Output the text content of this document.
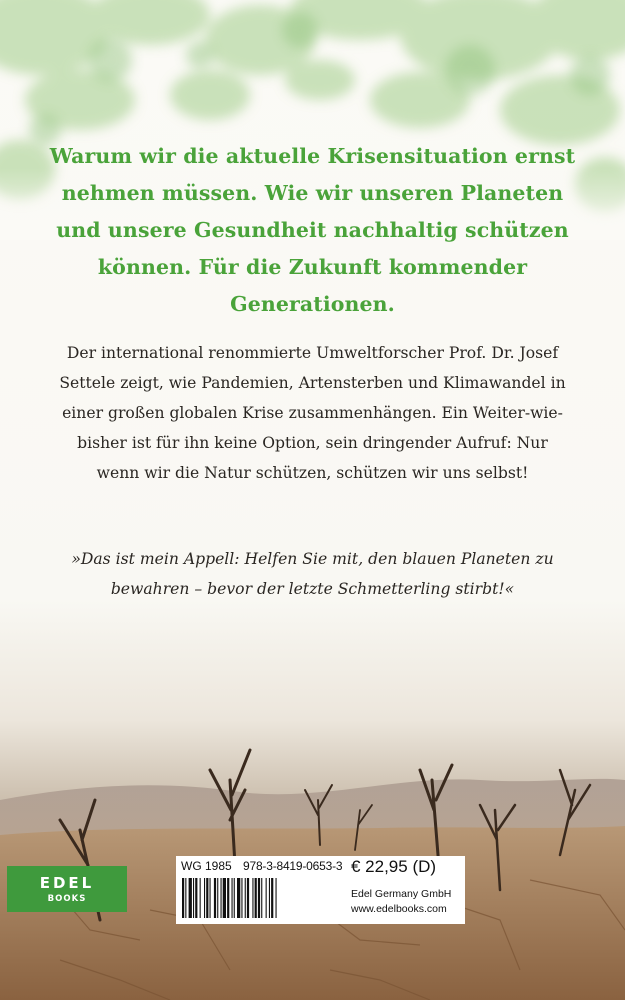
Warum wir die aktuelle Krisensituation ernst nehmen müssen. Wie wir unseren Planeten und unsere Gesundheit nachhaltig schützen können. Für die Zukunft kommender Generationen.

Der international renommierte Umweltforscher Prof. Dr. Josef Settele zeigt, wie Pandemien, Artensterben und Klimawandel in einer großen globalen Krise zusammenhängen. Ein Weiter-wie-bisher ist für ihn keine Option, sein dringender Aufruf: Nur wenn wir die Natur schützen, schützen wir uns selbst!

»Das ist mein Appell: Helfen Sie mit, den blauen Planeten zu bewahren – bevor der letzte Schmetterling stirbt!«

EDEL
BOOKS
WG 1985 978-3-8419-0653-3 € 22,95 (D)
Edel Germany GmbH
www.edelbooks.com
